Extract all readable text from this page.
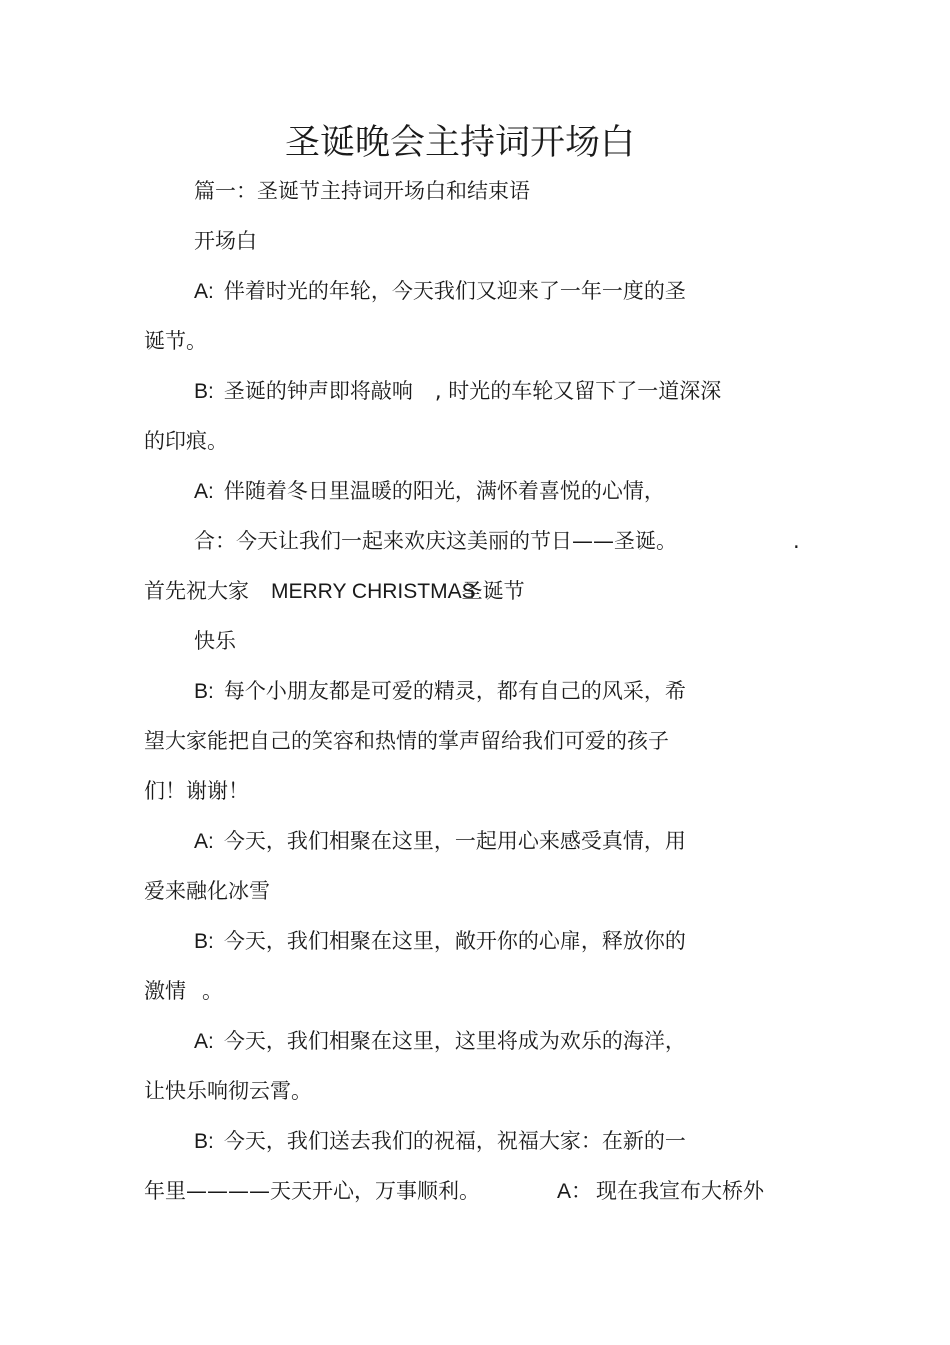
圣诞晚会主持词开场白

篇一：圣诞节主持词开场白和结束语

开场白

A: 伴着时光的年轮，今天我们又迎来了一年一度的圣

诞节。

B: 圣诞的钟声即将敲响 , 时光的车轮又留下了一道深深

的印痕。

A: 伴随着冬日里温暖的阳光，满怀着喜悦的心情，

合：今天让我们一起来欢庆这美丽的节日——圣诞。	.

首先祝大家 MERRY CHRISTMAS圣诞节

快乐

B: 每个小朋友都是可爱的精灵，都有自己的风采，希

望大家能把自己的笑容和热情的掌声留给我们可爱的孩子

们！谢谢！

A: 今天，我们相聚在这里，一起用心来感受真情，用

爱来融化冰雪

B: 今天，我们相聚在这里，敞开你的心扉，释放你的

激情 。

A: 今天，我们相聚在这里，这里将成为欢乐的海洋，

让快乐响彻云霄。

B: 今天，我们送去我们的祝福，祝福大家：在新的一

年里————天天开心，万事顺利。	A： 现在我宣布大桥外
